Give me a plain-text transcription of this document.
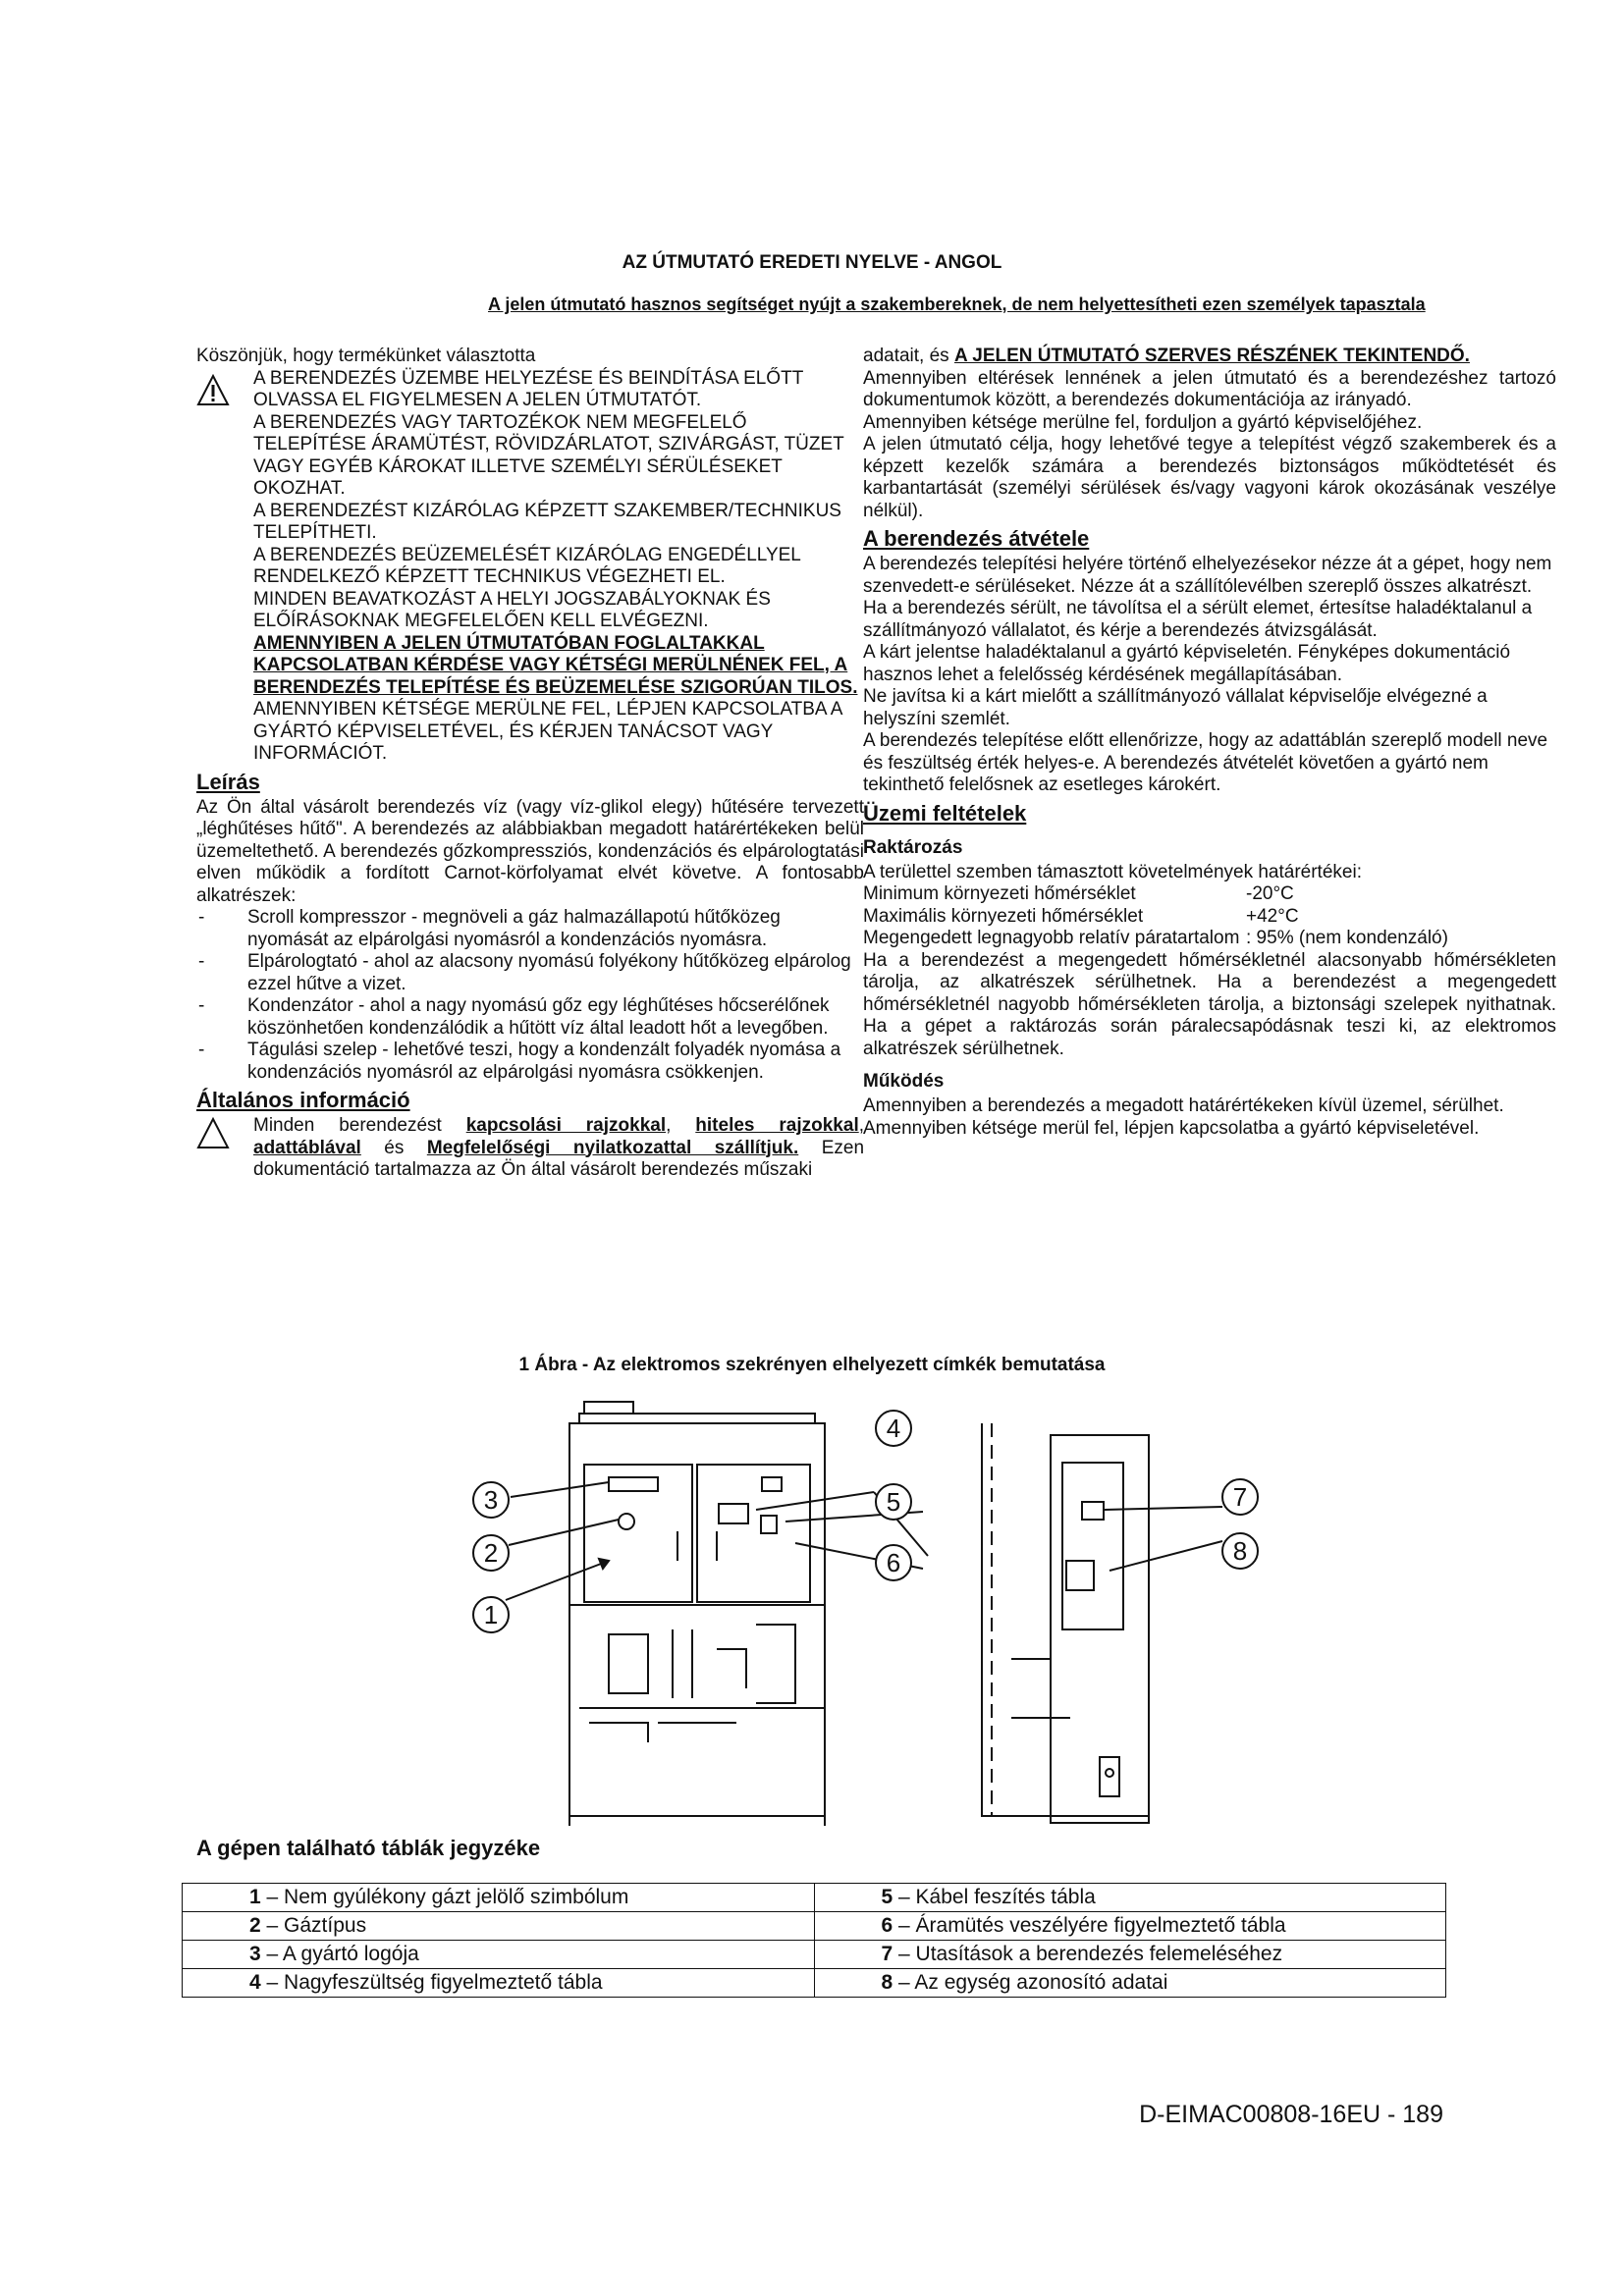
AZ ÚTMUTATÓ EREDETI NYELVE - ANGOL
A jelen útmutató hasznos segítséget nyújt a szakembereknek, de nem helyettesítheti ezen személyek tapasztala

Köszönjük, hogy termékünket választotta

A BERENDEZÉS ÜZEMBE HELYEZÉSE ÉS BEINDÍTÁSA ELŐTT OLVASSA EL FIGYELMESEN A JELEN ÚTMUTATÓT.

A BERENDEZÉS VAGY TARTOZÉKOK NEM MEGFELELŐ TELEPÍTÉSE ÁRAMÜTÉST, RÖVIDZÁRLATOT, SZIVÁRGÁST, TÜZET VAGY EGYÉB KÁROKAT ILLETVE SZEMÉLYI SÉRÜLÉSEKET OKOZHAT.

A BERENDEZÉST KIZÁRÓLAG KÉPZETT SZAKEMBER/TECHNIKUS TELEPÍTHETI.

A BERENDEZÉS BEÜZEMELÉSÉT KIZÁRÓLAG ENGEDÉLLYEL RENDELKEZŐ KÉPZETT TECHNIKUS VÉGEZHETI EL.

MINDEN BEAVATKOZÁST A HELYI JOGSZABÁLYOKNAK ÉS ELŐÍRÁSOKNAK MEGFELELŐEN KELL ELVÉGEZNI.

AMENNYIBEN A JELEN ÚTMUTATÓBAN FOGLALTAKKAL KAPCSOLATBAN KÉRDÉSE VAGY KÉTSÉGI MERÜLNÉNEK FEL, A BERENDEZÉS TELEPÍTÉSE ÉS BEÜZEMELÉSE SZIGORÚAN TILOS.

AMENNYIBEN KÉTSÉGE MERÜLNE FEL, LÉPJEN KAPCSOLATBA A GYÁRTÓ KÉPVISELETÉVEL, ÉS KÉRJEN TANÁCSOT VAGY INFORMÁCIÓT.

Leírás

Az Ön által vásárolt berendezés víz (vagy víz-glikol elegy) hűtésére tervezett „léghűtéses hűtő". A berendezés az alábbiakban megadott határértékeken belül üzemeltethető. A berendezés gőzkompressziós, kondenzációs és elpárologtatási elven működik a fordított Carnot-körfolyamat elvét követve. A fontosabb alkatrészek:

- Scroll kompresszor - megnöveli a gáz halmazállapotú hűtőközeg nyomását az elpárolgási nyomásról a kondenzációs nyomásra.
- Elpárologtató - ahol az alacsony nyomású folyékony hűtőközeg elpárolog ezzel hűtve a vizet.
- Kondenzátor - ahol a nagy nyomású gőz egy léghűtéses hőcserélőnek köszönhetően kondenzálódik a hűtött víz által leadott hőt a levegőben.
- Tágulási szelep - lehetővé teszi, hogy a kondenzált folyadék nyomása a kondenzációs nyomásról az elpárolgási nyomásra csökkenjen.
Általános információ

Minden berendezést kapcsolási rajzokkal, hiteles rajzokkal, adattáblával és Megfelelőségi nyilatkozattal szállítjuk. Ezen dokumentáció tartalmazza az Ön által vásárolt berendezés műszaki

adatait, és A JELEN ÚTMUTATÓ SZERVES RÉSZÉNEK TEKINTENDŐ.

Amennyiben eltérések lennének a jelen útmutató és a berendezéshez tartozó dokumentumok között, a berendezés dokumentációja az irányadó.

Amennyiben kétsége merülne fel, forduljon a gyártó képviselőjéhez.

A jelen útmutató célja, hogy lehetővé tegye a telepítést végző szakemberek és a képzett kezelők számára a berendezés biztonságos működtetését és karbantartását (személyi sérülések és/vagy vagyoni károk okozásának veszélye nélkül).

A berendezés átvétele

A berendezés telepítési helyére történő elhelyezésekor nézze át a gépet, hogy nem szenvedett-e sérüléseket. Nézze át a szállítólevélben szereplő összes alkatrészt.

Ha a berendezés sérült, ne távolítsa el a sérült elemet, értesítse haladéktalanul a szállítmányozó vállalatot, és kérje a berendezés átvizsgálását.

A kárt jelentse haladéktalanul a gyártó képviseletén. Fényképes dokumentáció hasznos lehet a felelősség kérdésének megállapításában.

Ne javítsa ki a kárt mielőtt a szállítmányozó vállalat képviselője elvégezné a helyszíni szemlét.

A berendezés telepítése előtt ellenőrizze, hogy az adattáblán szereplő modell neve és feszültség érték helyes-e. A berendezés átvételét követően a gyártó nem tekinthető felelősnek az esetleges károkért.

Üzemi feltételek
Raktározás

A területtel szemben támasztott követelmények határértékei:

Minimum környezeti hőmérséklet	-20°C
Maximális környezeti hőmérséklet	+42°C
Megengedett legnagyobb relatív páratartalom : 95% (nem kondenzáló)

Ha a berendezést a megengedett hőmérsékletnél alacsonyabb hőmérsékleten tárolja, az alkatrészek sérülhetnek. Ha a berendezést a megengedett hőmérsékletnél nagyobb hőmérsékleten tárolja, a biztonsági szelepek nyithatnak. Ha a gépet a raktározás során páralecsapódásnak teszi ki, az elektromos alkatrészek sérülhetnek.

Működés

Amennyiben a berendezés a megadott határértékeken kívül üzemel, sérülhet.

Amennyiben kétsége merül fel, lépjen kapcsolatba a gyártó képviseletével.

1 Ábra - Az elektromos szekrényen elhelyezett címkék bemutatása
1
2
3
4
5
6
7
8
A gépen található táblák jegyzéke
1 – Nem gyúlékony gázt jelölő szimbólum	5 – Kábel feszítés tábla
2 – Gáztípus	6 – Áramütés veszélyére figyelmeztető tábla
3 – A gyártó logója	7 – Utasítások a berendezés felemeléséhez
4 – Nagyfeszültség figyelmeztető tábla	8 – Az egység azonosító adatai
D-EIMAC00808-16EU - 189
